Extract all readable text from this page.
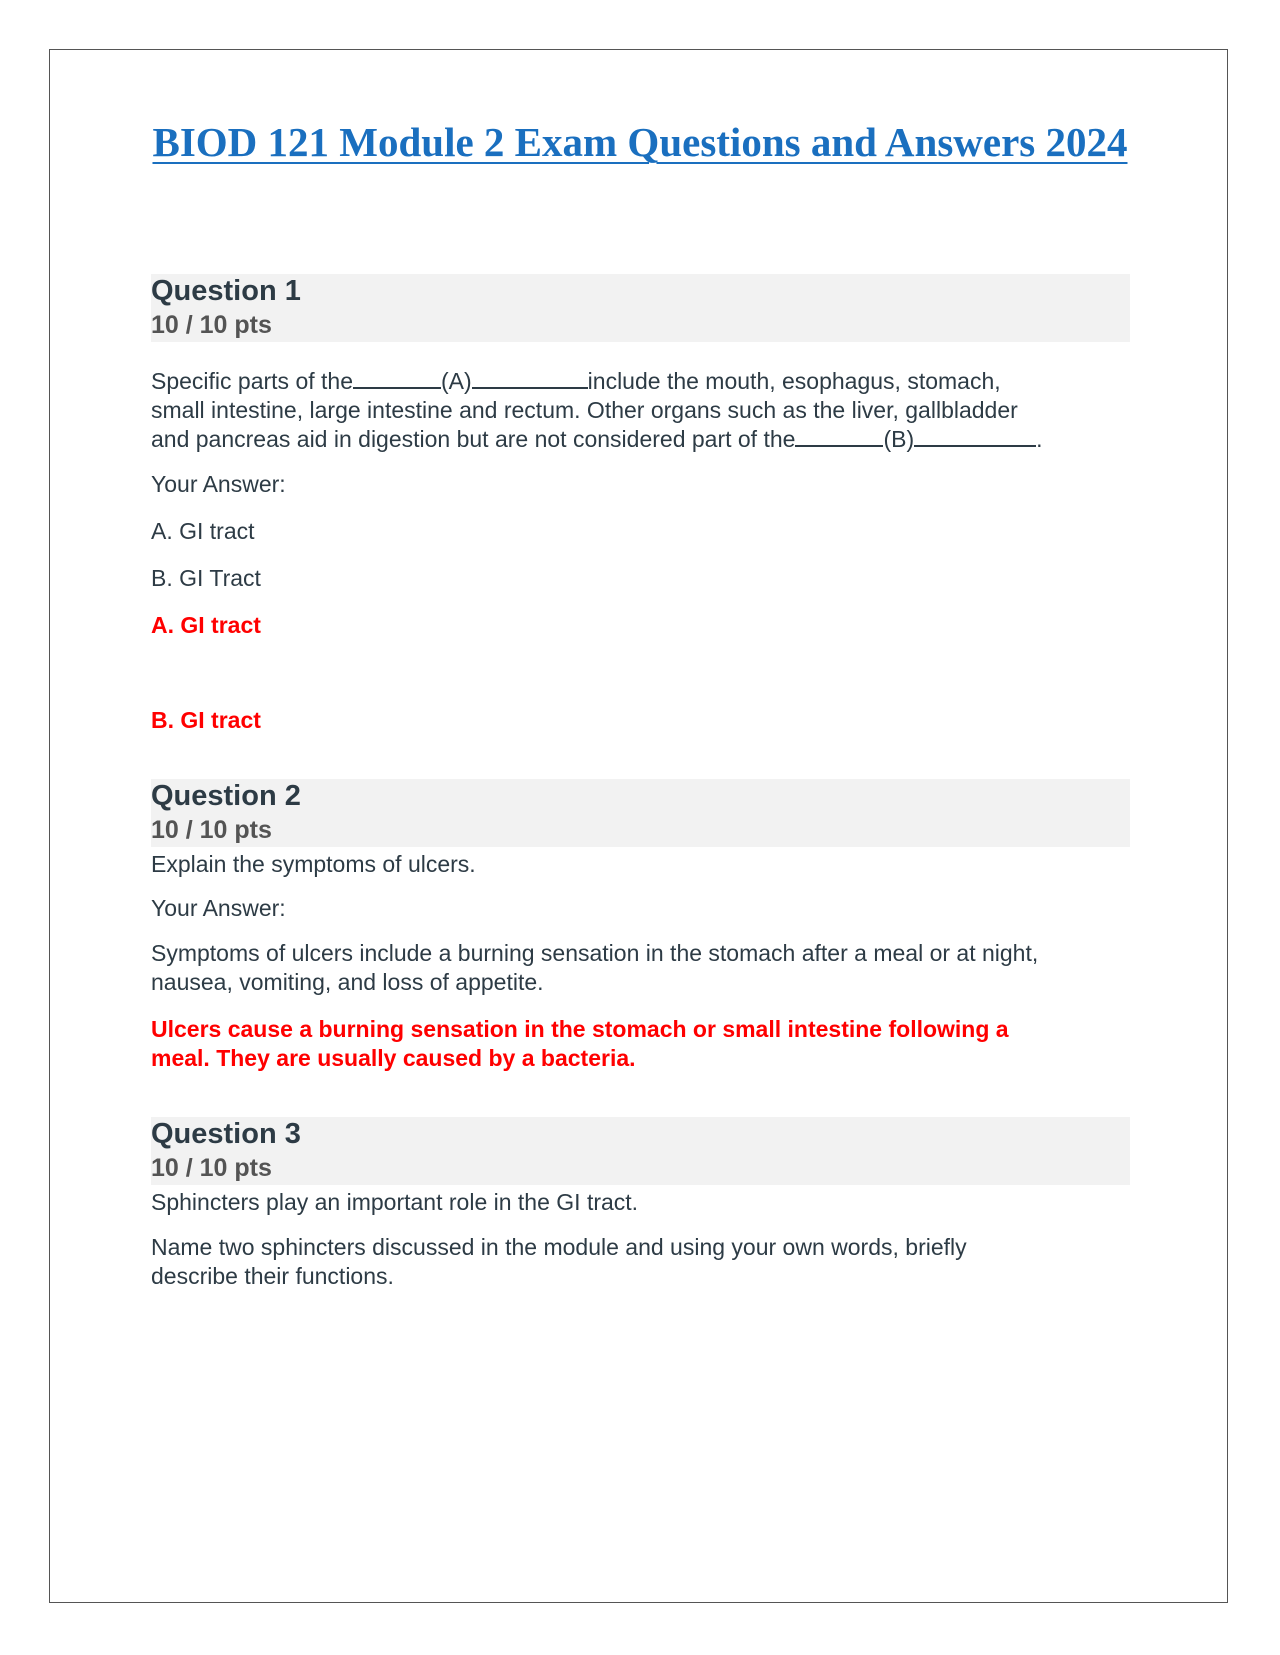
BIOD 121 Module 2 Exam Questions and Answers 2024
Question 1
10 / 10 pts
Specific parts of the	(A)	include the mouth, esophagus, stomach,
small intestine, large intestine and rectum. Other organs such as the liver, gallbladder
and pancreas aid in digestion but are not considered part of the	(B)	.

Your Answer:

A. GI tract

B. GI Tract

A. GI tract

B. GI tract

Question 2
10 / 10 pts

Explain the symptoms of ulcers.

Your Answer:

Symptoms of ulcers include a burning sensation in the stomach after a meal or at night,
nausea, vomiting, and loss of appetite.
Ulcers cause a burning sensation in the stomach or small intestine following a
meal. They are usually caused by a bacteria.
Question 3
10 / 10 pts

Sphincters play an important role in the GI tract.

Name two sphincters discussed in the module and using your own words, briefly
describe their functions.
